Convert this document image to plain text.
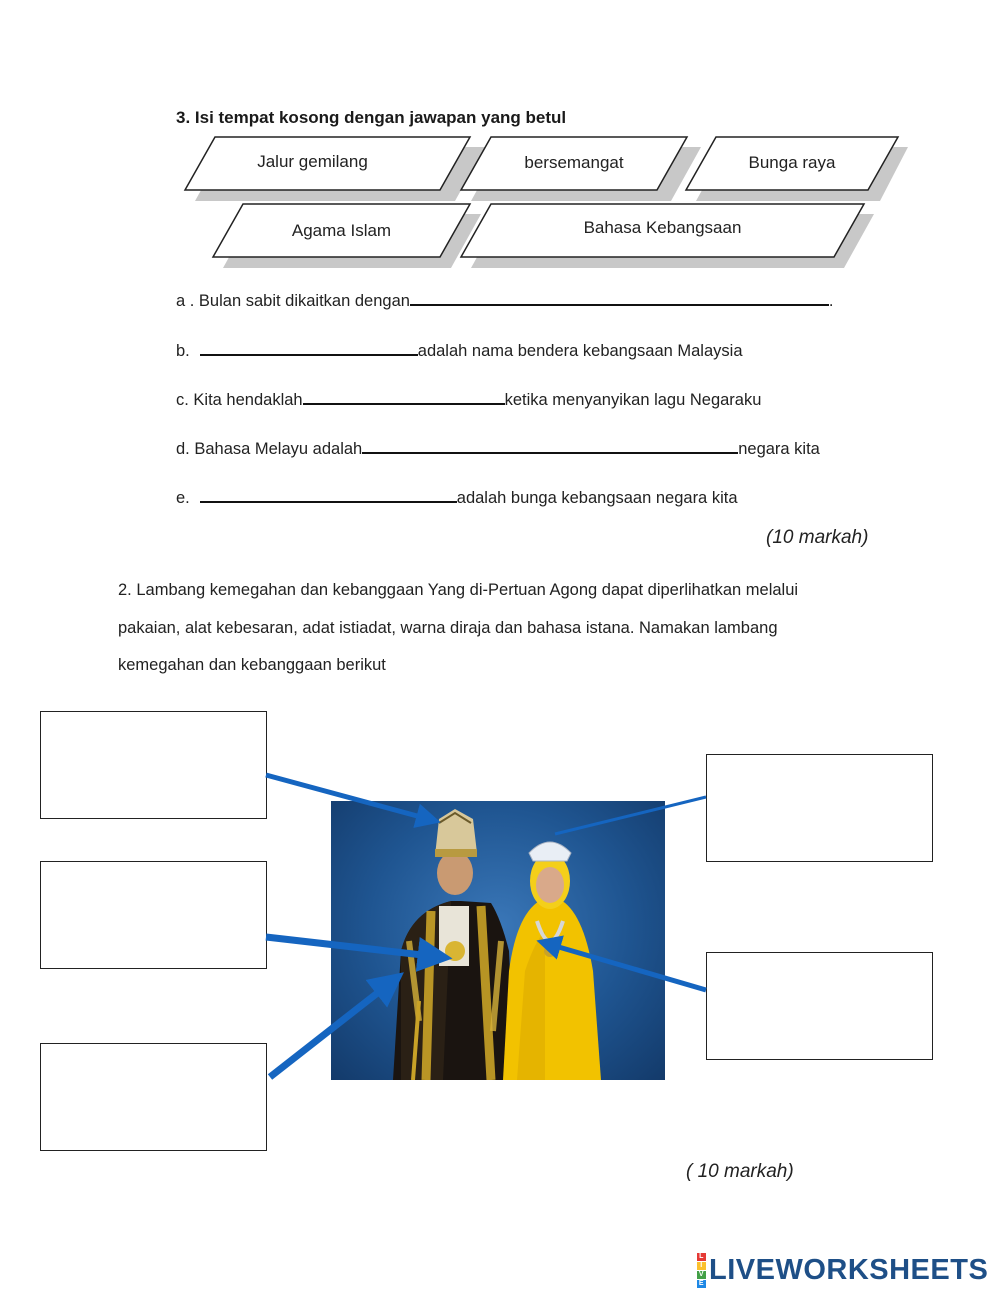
3. Isi tempat kosong dengan jawapan yang betul
Jalur gemilang	bersemangat	Bunga raya
Agama Islam	Bahasa Kebangsaan
a . Bulan sabit dikaitkan dengan	.
b.	adalah nama bendera kebangsaan Malaysia
c. Kita hendaklah	ketika menyanyikan lagu Negaraku
d. Bahasa Melayu adalah	negara kita
e.	adalah bunga kebangsaan negara kita
(10 markah)
2. Lambang kemegahan dan kebanggaan Yang di-Pertuan Agong dapat diperlihatkan melalui
pakaian, alat kebesaran, adat istiadat, warna diraja dan bahasa istana. Namakan lambang
kemegahan dan kebanggaan berikut
( 10 markah)
L
I
V
E LIVEWORKSHEETS
